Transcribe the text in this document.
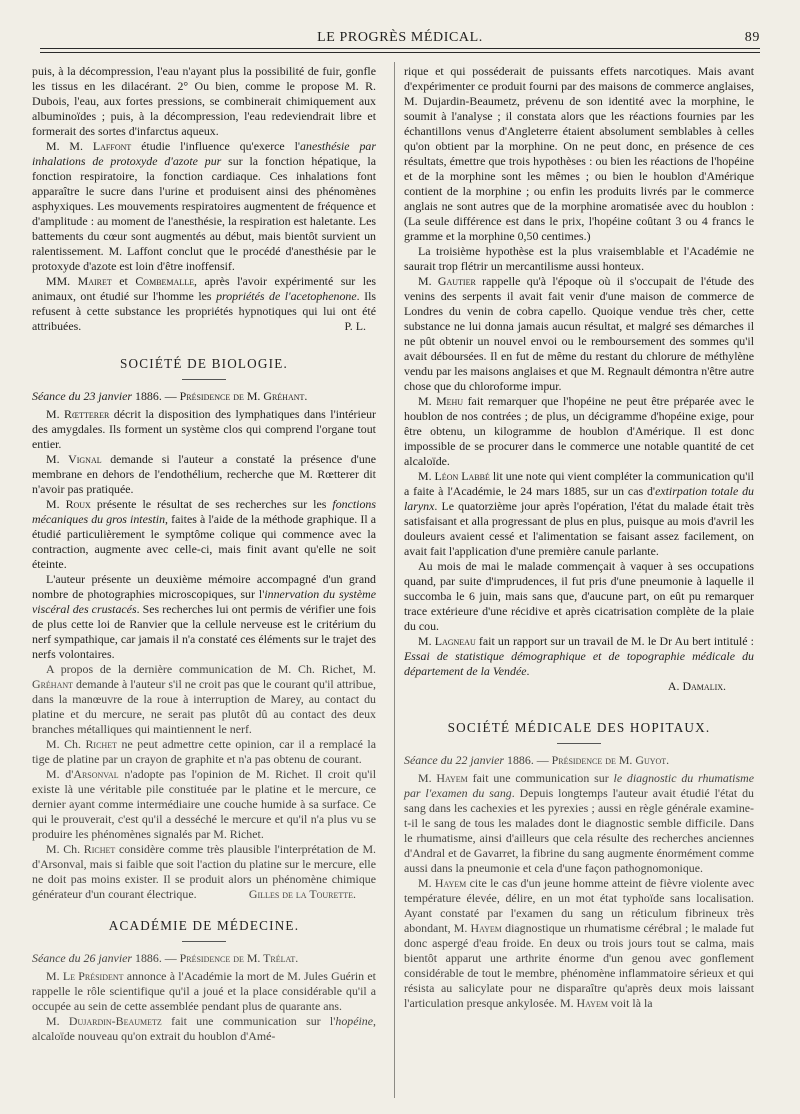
LE PROGRÈS MÉDICAL.	89

puis, à la décompression, l'eau n'ayant plus la possibilité de fuir, gonfle les tissus en les dilacérant. 2° Ou bien, comme le propose M. R. Dubois, l'eau, aux fortes pressions, se combinerait chimiquement aux albuminoïdes ; puis, à la décompression, l'eau redeviendrait libre et formerait des sortes d'infarctus aqueux.

M. M. Laffont étudie l'influence qu'exerce l'anesthésie par inhalations de protoxyde d'azote pur sur la fonction hépatique, la fonction respiratoire, la fonction cardiaque. Ces inhalations font apparaître le sucre dans l'urine et produisent ainsi des phénomènes asphyxiques. Les mouvements respiratoires augmentent de fréquence et d'amplitude : au moment de l'anesthésie, la respiration est haletante. Les battements du cœur sont augmentés au début, mais bientôt survient un ralentissement. M. Laffont conclut que le procédé d'anesthésie par le protoxyde d'azote est loin d'être inoffensif.

MM. Mairet et Combemalle, après l'avoir expérimenté sur les animaux, ont étudié sur l'homme les propriétés de l'acetophenone. Ils refusent à cette substance les propriétés hypnotiques qui lui ont été attribuées.	P. L.

SOCIÉTÉ DE BIOLOGIE.

Séance du 23 janvier 1886. — Présidence de M. Gréhant.

M. Rœtterer décrit la disposition des lymphatiques dans l'intérieur des amygdales. Ils forment un système clos qui comprend l'organe tout entier.

M. Vignal demande si l'auteur a constaté la présence d'une membrane en dehors de l'endothélium, recherche que M. Rœtterer dit n'avoir pas pratiquée.

M. Roux présente le résultat de ses recherches sur les fonctions mécaniques du gros intestin, faites à l'aide de la méthode graphique. Il a étudié particulièrement le symptôme colique qui commence avec la contraction, augmente avec celle-ci, mais finit avant qu'elle ne soit éteinte.

L'auteur présente un deuxième mémoire accompagné d'un grand nombre de photographies microscopiques, sur l'innervation du système viscéral des crustacés. Ses recherches lui ont permis de vérifier une fois de plus cette loi de Ranvier que la cellule nerveuse est le critérium du nerf sympathique, car jamais il n'a constaté ces éléments sur le trajet des nerfs volontaires.

A propos de la dernière communication de M. Ch. Richet, M. Gréhant demande à l'auteur s'il ne croit pas que le courant qu'il attribue, dans la manœuvre de la roue à interruption de Marey, au contact du platine et du mercure, ne serait pas plutôt dû au contact des deux branches métalliques qui maintiennent le nerf.

M. Ch. Richet ne peut admettre cette opinion, car il a remplacé la tige de platine par un crayon de graphite et n'a pas obtenu de courant.

M. d'Arsonval n'adopte pas l'opinion de M. Richet. Il croit qu'il existe là une véritable pile constituée par le platine et le mercure, ce dernier ayant comme intermédiaire une couche humide à sa surface. Ce qui le prouverait, c'est qu'il a desséché le mercure et qu'il n'a plus vu se produire les phénomènes signalés par M. Richet.

M. Ch. Richet considère comme très plausible l'interprétation de M. d'Arsonval, mais si faible que soit l'action du platine sur le mercure, elle ne doit pas moins exister. Il se produit alors un phénomène chimique générateur d'un courant électrique.	Gilles de la Tourette.

ACADÉMIE DE MÉDECINE.

Séance du 26 janvier 1886. — Présidence de M. Trélat.

M. Le Président annonce à l'Académie la mort de M. Jules Guérin et rappelle le rôle scientifique qu'il a joué et la place considérable qu'il a occupée au sein de cette assemblée pendant plus de quarante ans.

M. Dujardin-Beaumetz fait une communication sur l'hopéine, alcaloïde nouveau qu'on extrait du houblon d'Amé-

rique et qui posséderait de puissants effets narcotiques. Mais avant d'expérimenter ce produit fourni par des maisons de commerce anglaises, M. Dujardin-Beaumetz, prévenu de son identité avec la morphine, le soumit à l'analyse ; il constata alors que les réactions fournies par les échantillons venus d'Angleterre étaient absolument semblables à celles qu'on obtient par la morphine. On ne peut donc, en présence de ces résultats, émettre que trois hypothèses : ou bien les réactions de l'hopéine et de la morphine sont les mêmes ; ou bien le houblon d'Amérique contient de la morphine ; ou enfin les produits livrés par le commerce anglais ne sont autres que de la morphine aromatisée avec du houblon : (La seule différence est dans le prix, l'hopéine coûtant 3 ou 4 francs le gramme et la morphine 0,50 centimes.)

La troisième hypothèse est la plus vraisemblable et l'Académie ne saurait trop flétrir un mercantilisme aussi honteux.

M. Gautier rappelle qu'à l'époque où il s'occupait de l'étude des venins des serpents il avait fait venir d'une maison de commerce de Londres du venin de cobra capello. Quoique vendue très cher, cette substance ne lui donna jamais aucun résultat, et malgré ses démarches il ne pût obtenir un nouvel envoi ou le remboursement des sommes qu'il avait déboursées. Il en fut de même du restant du chlorure de méthylène vendu par les maisons anglaises et que M. Regnault démontra n'être autre chose que du chloroforme impur.

M. Mehu fait remarquer que l'hopéine ne peut être préparée avec le houblon de nos contrées ; de plus, un décigramme d'hopéine exige, pour être obtenu, un kilogramme de houblon d'Amérique. Il est donc impossible de se procurer dans le commerce une notable quantité de cet alcaloïde.

M. Léon Labbé lit une note qui vient compléter la communication qu'il a faite à l'Académie, le 24 mars 1885, sur un cas d'extirpation totale du larynx. Le quatorzième jour après l'opération, l'état du malade était très satisfaisant et alla progressant de plus en plus, puisque au mois d'avril les douleurs avaient cessé et l'alimentation se faisant assez facilement, on avait fait l'application d'une première canule parlante.

Au mois de mai le malade commençait à vaquer à ses occupations quand, par suite d'imprudences, il fut pris d'une pneumonie à laquelle il succomba le 6 juin, mais sans que, d'aucune part, on eût pu remarquer trace extérieure d'une récidive et après cicatrisation complète de la plaie du cou.

M. Lagneau fait un rapport sur un travail de M. le Dr Au bert intitulé : Essai de statistique démographique et de topographie médicale du département de la Vendée.

A. Damalix.

SOCIÉTÉ MÉDICALE DES HOPITAUX.

Séance du 22 janvier 1886. — Présidence de M. Guyot.

M. Hayem fait une communication sur le diagnostic du rhumatisme par l'examen du sang. Depuis longtemps l'auteur avait étudié l'état du sang dans les cachexies et les pyrexies ; aussi en règle générale examine-t-il le sang de tous les malades dont le diagnostic semble difficile. Dans le rhumatisme, ainsi d'ailleurs que cela résulte des recherches anciennes d'Andral et de Gavarret, la fibrine du sang augmente énormément comme aussi dans la pneumonie et cela d'une façon pathognomonique.

M. Hayem cite le cas d'un jeune homme atteint de fièvre violente avec température élevée, délire, en un mot état typhoïde sans localisation. Ayant constaté par l'examen du sang un réticulum fibrineux très abondant, M. Hayem diagnostique un rhumatisme cérébral ; le malade fut donc aspergé d'eau froide. En deux ou trois jours tout se calma, mais bientôt apparut une arthrite énorme d'un genou avec gonflement considérable de tout le membre, phénomène inflammatoire sérieux et qui résista au salicylate pour ne disparaître qu'après deux mois laissant l'articulation presque ankylosée. M. Hayem voit là la
